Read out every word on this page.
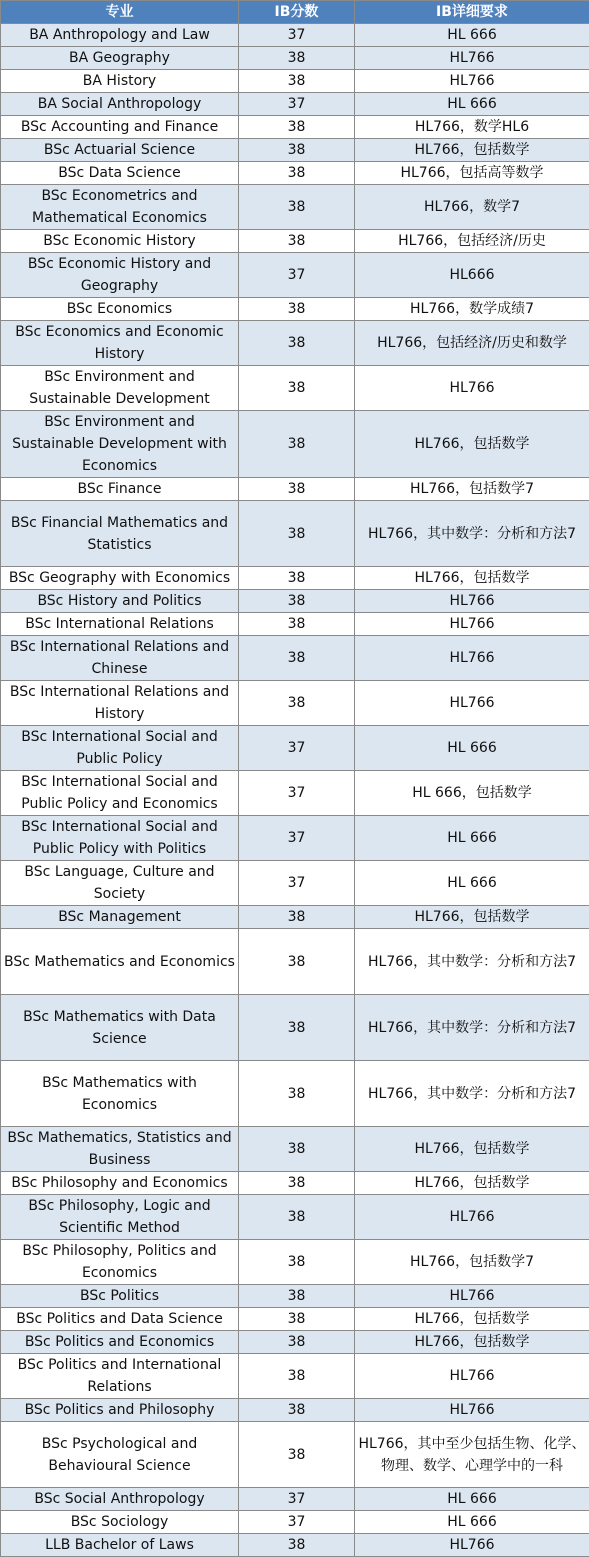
专业	IB分数	IB详细要求
BA Anthropology and Law	37	HL 666
BA Geography	38	HL766
BA History	38	HL766
BA Social Anthropology	37	HL 666
BSc Accounting and Finance	38	HL766，数学HL6
BSc Actuarial Science	38	HL766，包括数学
BSc Data Science	38	HL766，包括高等数学
BSc Econometrics and Mathematical Economics	38	HL766，数学7
BSc Economic History	38	HL766，包括经济/历史
BSc Economic History and Geography	37	HL666
BSc Economics	38	HL766，数学成绩7
BSc Economics and Economic History	38	HL766，包括经济/历史和数学
BSc Environment and Sustainable Development	38	HL766
BSc Environment and Sustainable Development with Economics	38	HL766，包括数学
BSc Finance	38	HL766，包括数学7
BSc Financial Mathematics and Statistics	38	HL766，其中数学：分析和方法7
BSc Geography with Economics	38	HL766，包括数学
BSc History and Politics	38	HL766
BSc International Relations	38	HL766
BSc International Relations and Chinese	38	HL766
BSc International Relations and History	38	HL766
BSc International Social and Public Policy	37	HL 666
BSc International Social and Public Policy and Economics	37	HL 666，包括数学
BSc International Social and Public Policy with Politics	37	HL 666
BSc Language, Culture and Society	37	HL 666
BSc Management	38	HL766，包括数学
BSc Mathematics and Economics	38	HL766，其中数学：分析和方法7
BSc Mathematics with Data Science	38	HL766，其中数学：分析和方法7
BSc Mathematics with Economics	38	HL766，其中数学：分析和方法7
BSc Mathematics, Statistics and Business	38	HL766，包括数学
BSc Philosophy and Economics	38	HL766，包括数学
BSc Philosophy, Logic and Scientific Method	38	HL766
BSc Philosophy, Politics and Economics	38	HL766，包括数学7
BSc Politics	38	HL766
BSc Politics and Data Science	38	HL766，包括数学
BSc Politics and Economics	38	HL766，包括数学
BSc Politics and International Relations	38	HL766
BSc Politics and Philosophy	38	HL766
BSc Psychological and Behavioural Science	38	HL766，其中至少包括生物、化学、物理、数学、心理学中的一科
BSc Social Anthropology	37	HL 666
BSc Sociology	37	HL 666
LLB Bachelor of Laws	38	HL766
